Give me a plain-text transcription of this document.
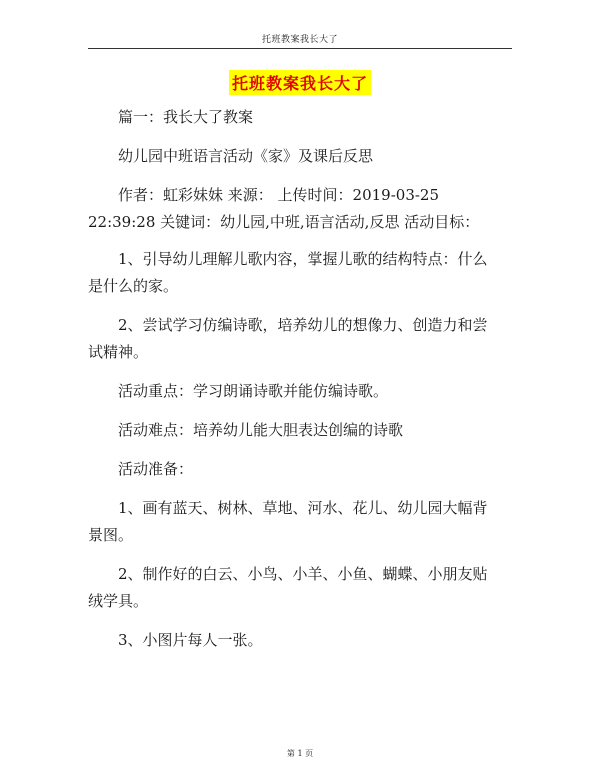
托班教案我长大了
托班教案我长大了

篇一：我长大了教案

幼儿园中班语言活动《家》及课后反思

作者：虹彩妹妹 来源： 上传时间：2019-03-25 22:39:28 关键词：幼儿园,中班,语言活动,反思 活动目标：

1、引导幼儿理解儿歌内容，掌握儿歌的结构特点：什么是什么的家。

2、尝试学习仿编诗歌，培养幼儿的想像力、创造力和尝试精神。

活动重点：学习朗诵诗歌并能仿编诗歌。

活动难点：培养幼儿能大胆表达创编的诗歌

活动准备：

1、画有蓝天、树林、草地、河水、花儿、幼儿园大幅背景图。

2、制作好的白云、小鸟、小羊、小鱼、蝴蝶、小朋友贴绒学具。

3、小图片每人一张。

第 1 页
